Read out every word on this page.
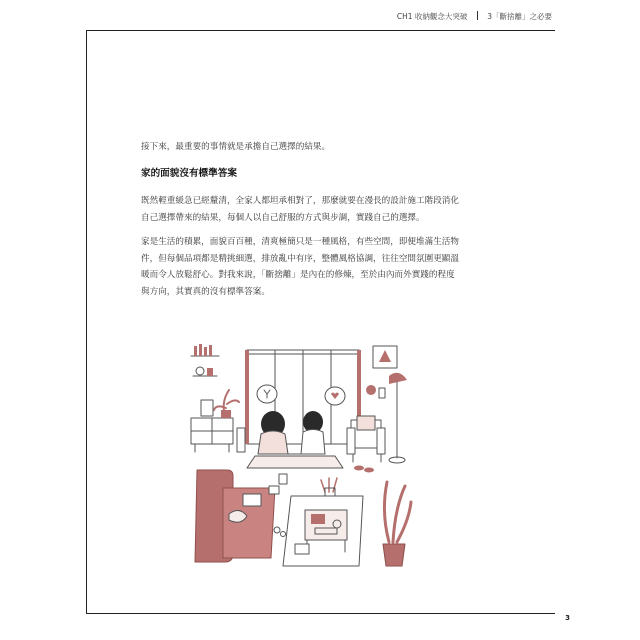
CH1 收納觀念大突破	3「斷捨離」之必要
接下來，最重要的事情就是承擔自己選擇的結果。
家的面貌沒有標準答案
既然輕重緩急已經釐清，全家人都坦承相對了，那麼就要在漫長的設計施工階段消化自己選擇帶來的結果，每個人以自己舒服的方式與步調，實踐自己的選擇。
家是生活的積累，面貌百百種，清爽極簡只是一種風格，有些空間，即便堆滿生活物件，但每個品項都是精挑細選，排放亂中有序，整體風格協調，往往空間氛圍更顯溫暖而令人放鬆舒心。對我來說，「斷捨離」是內在的修煉，至於由內而外實踐的程度與方向，其實真的沒有標準答案。
3
